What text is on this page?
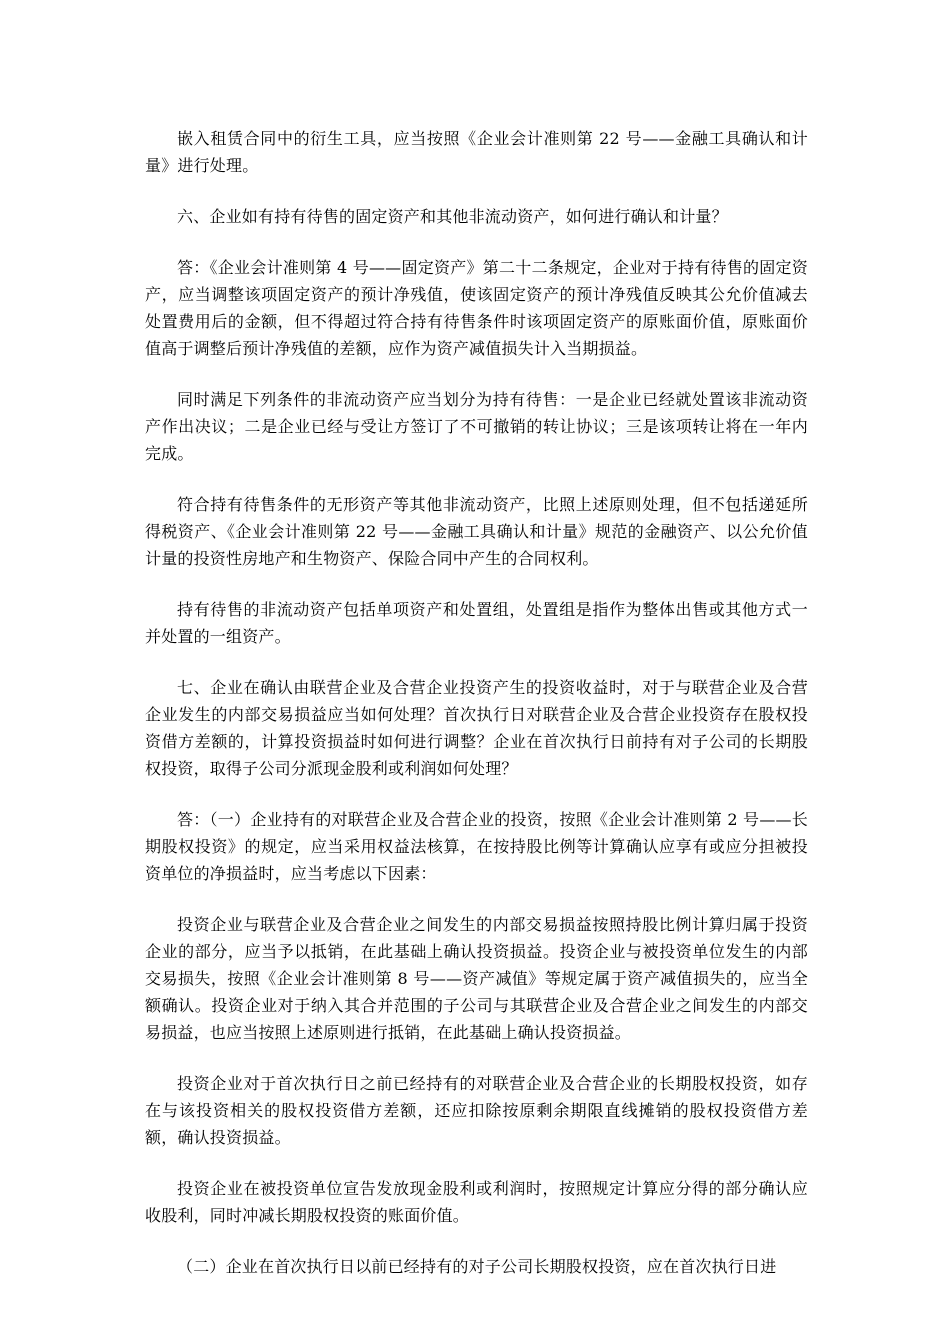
嵌入租赁合同中的衍生工具，应当按照《企业会计准则第 22 号——金融工具确认和计量》进行处理。

六、企业如有持有待售的固定资产和其他非流动资产，如何进行确认和计量？

答：《企业会计准则第 4 号——固定资产》第二十二条规定，企业对于持有待售的固定资产，应当调整该项固定资产的预计净残值，使该固定资产的预计净残值反映其公允价值减去处置费用后的金额，但不得超过符合持有待售条件时该项固定资产的原账面价值，原账面价值高于调整后预计净残值的差额，应作为资产减值损失计入当期损益。

同时满足下列条件的非流动资产应当划分为持有待售：一是企业已经就处置该非流动资产作出决议；二是企业已经与受让方签订了不可撤销的转让协议；三是该项转让将在一年内完成。

符合持有待售条件的无形资产等其他非流动资产，比照上述原则处理，但不包括递延所得税资产、《企业会计准则第 22 号——金融工具确认和计量》规范的金融资产、以公允价值计量的投资性房地产和生物资产、保险合同中产生的合同权利。

持有待售的非流动资产包括单项资产和处置组，处置组是指作为整体出售或其他方式一并处置的一组资产。

七、企业在确认由联营企业及合营企业投资产生的投资收益时，对于与联营企业及合营企业发生的内部交易损益应当如何处理？首次执行日对联营企业及合营企业投资存在股权投资借方差额的，计算投资损益时如何进行调整？企业在首次执行日前持有对子公司的长期股权投资，取得子公司分派现金股利或利润如何处理？

答：（一）企业持有的对联营企业及合营企业的投资，按照《企业会计准则第 2 号——长期股权投资》的规定，应当采用权益法核算，在按持股比例等计算确认应享有或应分担被投资单位的净损益时，应当考虑以下因素：

投资企业与联营企业及合营企业之间发生的内部交易损益按照持股比例计算归属于投资企业的部分，应当予以抵销，在此基础上确认投资损益。投资企业与被投资单位发生的内部交易损失，按照《企业会计准则第 8 号——资产减值》等规定属于资产减值损失的，应当全额确认。投资企业对于纳入其合并范围的子公司与其联营企业及合营企业之间发生的内部交易损益，也应当按照上述原则进行抵销，在此基础上确认投资损益。

投资企业对于首次执行日之前已经持有的对联营企业及合营企业的长期股权投资，如存在与该投资相关的股权投资借方差额，还应扣除按原剩余期限直线摊销的股权投资借方差额，确认投资损益。

投资企业在被投资单位宣告发放现金股利或利润时，按照规定计算应分得的部分确认应收股利，同时冲减长期股权投资的账面价值。

（二）企业在首次执行日以前已经持有的对子公司长期股权投资，应在首次执行日进
